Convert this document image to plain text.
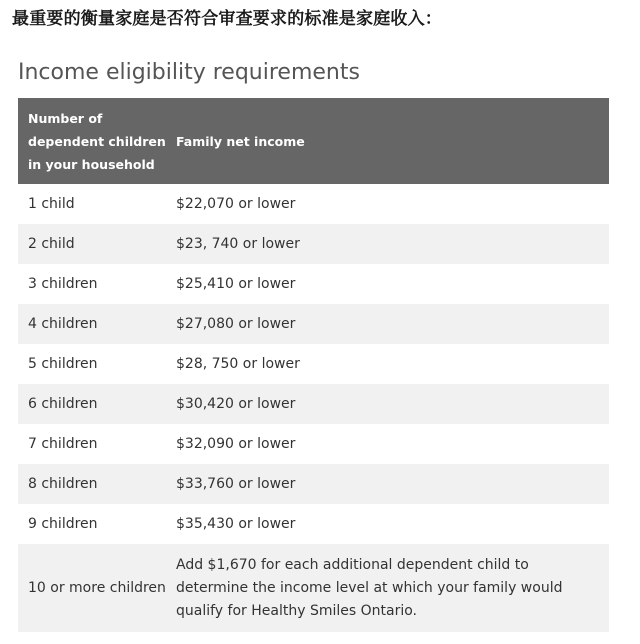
最重要的衡量家庭是否符合审查要求的标准是家庭收入：
Income eligibility requirements
Number of dependent children in your household	Family net income
1 child	$22,070 or lower
2 child	$23, 740 or lower
3 children	$25,410 or lower
4 children	$27,080 or lower
5 children	$28, 750 or lower
6 children	$30,420 or lower
7 children	$32,090 or lower
8 children	$33,760 or lower
9 children	$35,430 or lower
10 or more children	Add $1,670 for each additional dependent child to determine the income level at which your family would qualify for Healthy Smiles Ontario.
